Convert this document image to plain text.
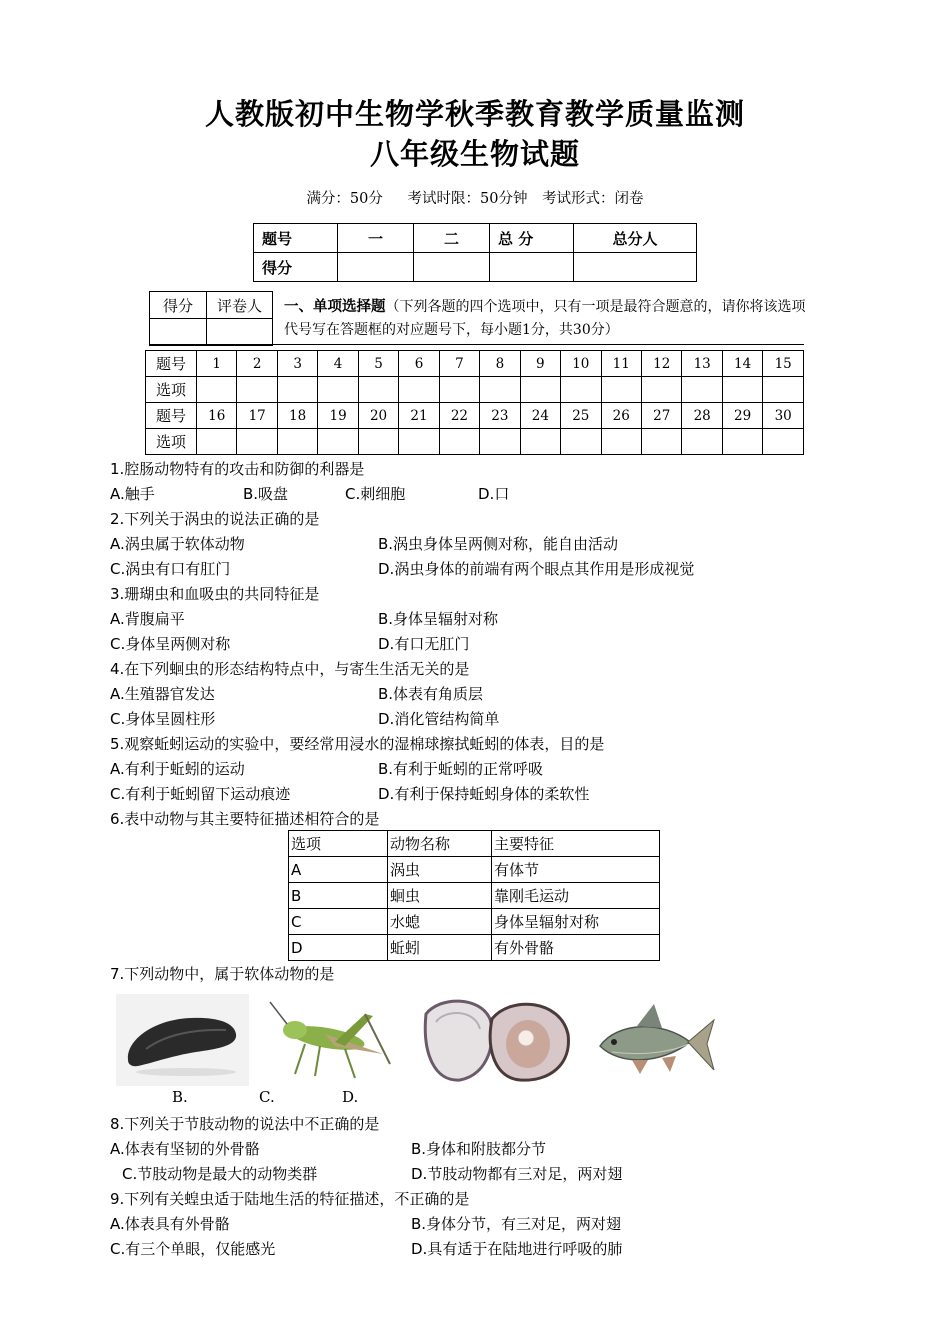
人教版初中生物学秋季教育教学质量监测
八年级生物试题
满分：50分 考试时限：50分钟 考试形式：闭卷
题号	一	二	总 分	总分人
得分				
得分	评卷人
	一、单项选择题（下列各题的四个选项中，只有一项是最符合题意的，请你将该选项代号写在答题框的对应题号下，每小题1分，共30分）
题号	1	2	3	4	5	6	7	8	9	10	11	12	13	14	15
选项															
题号	16	17	18	19	20	21	22	23	24	25	26	27	28	29	30
选项															
1.腔肠动物特有的攻击和防御的利器是
A.触手	B.吸盘	C.刺细胞	D.口
2.下列关于涡虫的说法正确的是
A.涡虫属于软体动物	B.涡虫身体呈两侧对称，能自由活动
C.涡虫有口有肛门	D.涡虫身体的前端有两个眼点其作用是形成视觉
3.珊瑚虫和血吸虫的共同特征是
A.背腹扁平	B.身体呈辐射对称
C.身体呈两侧对称	D.有口无肛门
4.在下列蛔虫的形态结构特点中，与寄生生活无关的是
A.生殖器官发达	B.体表有角质层
C.身体呈圆柱形	D.消化管结构简单
5.观察蚯蚓运动的实验中，要经常用浸水的湿棉球擦拭蚯蚓的体表，目的是
A.有利于蚯蚓的运动	B.有利于蚯蚓的正常呼吸
C.有利于蚯蚓留下运动痕迹	D.有利于保持蚯蚓身体的柔软性
6.表中动物与其主要特征描述相符合的是
选项	动物名称	主要特征
A	涡虫	有体节
B	蛔虫	靠刚毛运动
C	水螅	身体呈辐射对称
D	蚯蚓	有外骨骼
7.下列动物中，属于软体动物的是
B.	C.	D.
8.下列关于节肢动物的说法中不正确的是
A.体表有坚韧的外骨骼	B.身体和附肢都分节
C.节肢动物是最大的动物类群	D.节肢动物都有三对足，两对翅
9.下列有关蝗虫适于陆地生活的特征描述，不正确的是
A.体表具有外骨骼	B.身体分节，有三对足，两对翅
C.有三个单眼，仅能感光	D.具有适于在陆地进行呼吸的肺
